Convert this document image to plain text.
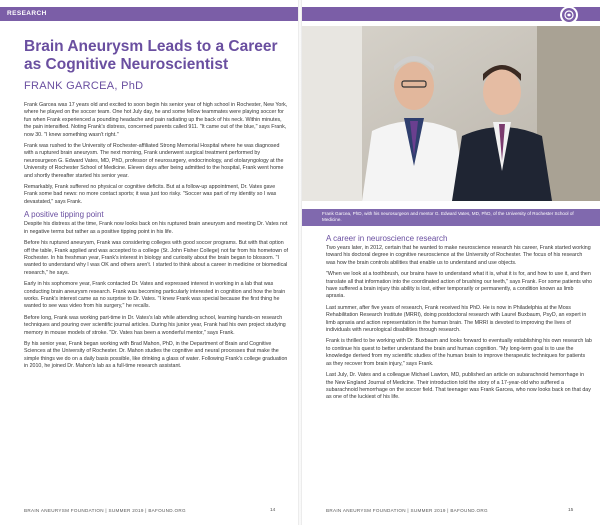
RESEARCH
Brain Aneurysm Leads to a Career as Cognitive Neuroscientist
FRANK GARCEA, PhD

Frank Garcea was 17 years old and excited to soon begin his senior year of high school in Rochester, New York, where he played on the soccer team. One hot July day, he and some fellow teammates were playing soccer for fun when Frank experienced a pounding headache and pain radiating up the back of his neck. Within minutes, the pain intensified. Noting Frank's distress, concerned parents called 911. "It came out of the blue," says Frank, now 30. "I knew something wasn't right."

Frank was rushed to the University of Rochester-affiliated Strong Memorial Hospital where he was diagnosed with a ruptured brain aneurysm. The next morning, Frank underwent surgical treatment performed by neurosurgeon G. Edward Vates, MD, PhD, professor of neurosurgery, endocrinology, and otolaryngology at the University of Rochester School of Medicine. Eleven days after being admitted to the hospital, Frank went home and shortly thereafter started his senior year.

Remarkably, Frank suffered no physical or cognitive deficits. But at a follow-up appointment, Dr. Vates gave Frank some bad news: no more contact sports; it was just too risky. "Soccer was part of my identity so I was devastated," says Frank.

A positive tipping point

Despite his distress at the time, Frank now looks back on his ruptured brain aneurysm and meeting Dr. Vates not in negative terms but rather as a positive tipping point in his life.

Before his ruptured aneurysm, Frank was considering colleges with good soccer programs. But with that option off the table, Frank applied and was accepted to a college (St. John Fisher College) not far from his hometown of Rochester. In his freshman year, Frank's interest in biology and curiosity about the brain began to blossom. "I wanted to understand why I was OK and others aren't. I started to think about a career in medicine or biomedical research," he says.

Early in his sophomore year, Frank contacted Dr. Vates and expressed interest in working in a lab that was conducting brain aneurysm research. Frank was becoming particularly interested in cognition and how the brain works. Frank's interest came as no surprise to Dr. Vates. "I knew Frank was special because the first thing he wanted to see was video from his surgery," he recalls.

Before long, Frank was working part-time in Dr. Vates's lab while attending school, learning hands-on research techniques and pouring over scientific journal articles. During his junior year, Frank had his own project studying memory in mouse models of stroke. "Dr. Vates has been a wonderful mentor," says Frank.

By his senior year, Frank began working with Brad Mahon, PhD, in the Department of Brain and Cognitive Sciences at the University of Rochester. Dr. Mahon studies the cognitive and neural processes that make the simple things we do on a daily basis possible, like drinking a glass of water. Following Frank's college graduation in 2010, he joined Dr. Mahon's lab as a full-time research assistant.

BRAIN ANEURYSM FOUNDATION | SUMMER 2019 | BAFOUND.ORG	14
Frank Garcea, PhD, with his neurosurgeon and mentor G. Edward Vates, MD, PhD, of the University of Rochester School of Medicine.
A career in neuroscience research

Two years later, in 2012, certain that he wanted to make neuroscience research his career, Frank started working toward his doctoral degree in cognitive neuroscience at the University of Rochester. The focus of his research was how the brain controls abilities that enable us to understand and use objects.

"When we look at a toothbrush, our brains have to understand what it is, what it is for, and how to use it, and then translate all that information into the coordinated action of brushing our teeth," says Frank. For some patients who have suffered a brain injury this ability is lost, either temporarily or permanently, a condition known as limb apraxia.

Last summer, after five years of research, Frank received his PhD. He is now in Philadelphia at the Moss Rehabilitation Research Institute (MRRI), doing postdoctoral research with Laurel Buxbaum, PsyD, an expert in limb apraxia and action representation in the human brain. The MRRI is devoted to improving the lives of individuals with neurological disabilities through research.

Frank is thrilled to be working with Dr. Buxbaum and looks forward to eventually establishing his own research lab to continue his quest to better understand the brain and human cognition. "My long-term goal is to use the knowledge derived from my scientific studies of the human brain to improve therapeutic techniques for patients as they recover from brain injury," says Frank.

Last July, Dr. Vates and a colleague Michael Lawton, MD, published an article on subarachnoid hemorrhage in the New England Journal of Medicine. Their introduction told the story of a 17-year-old who suffered a subarachnoid hemorrhage on the soccer field. That teenager was Frank Garcea, who now looks back on that day as one of the luckiest of his life.

BRAIN ANEURYSM FOUNDATION | SUMMER 2019 | BAFOUND.ORG	15
